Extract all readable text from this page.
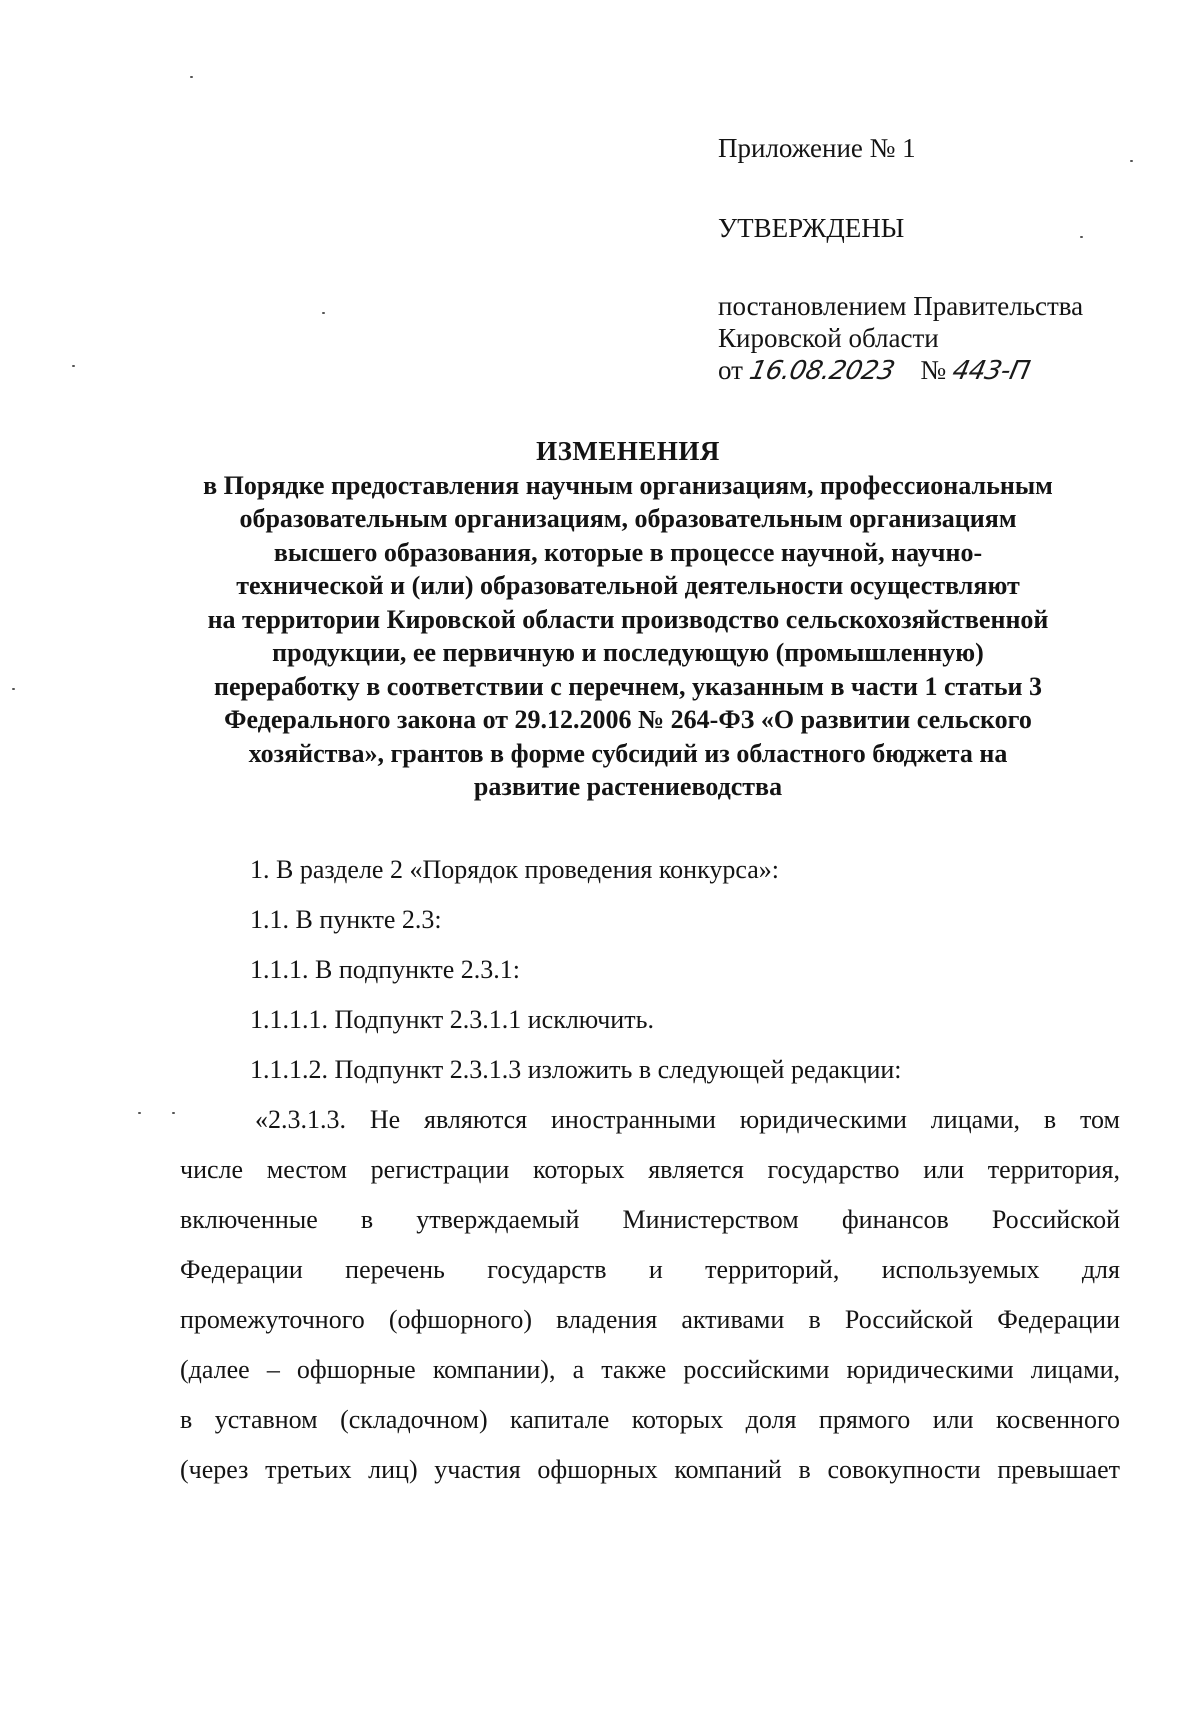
Приложение № 1
УТВЕРЖДЕНЫ
постановлением Правительства
Кировской области
от 16.08.2023 № 443-П
ИЗМЕНЕНИЯ
в Порядке предоставления научным организациям, профессиональным
образовательным организациям, образовательным организациям
высшего образования, которые в процессе научной, научно-
технической и (или) образовательной деятельности осуществляют
на территории Кировской области производство сельскохозяйственной
продукции, ее первичную и последующую (промышленную)
переработку в соответствии с перечнем, указанным в части 1 статьи 3
Федерального закона от 29.12.2006 № 264-ФЗ «О развитии сельского
хозяйства», грантов в форме субсидий из областного бюджета на
развитие растениеводства
1. В разделе 2 «Порядок проведения конкурса»:
1.1. В пункте 2.3:
1.1.1. В подпункте 2.3.1:
1.1.1.1. Подпункт 2.3.1.1 исключить.
1.1.1.2. Подпункт 2.3.1.3 изложить в следующей редакции:
«2.3.1.3. Не являются иностранными юридическими лицами, в том
числе местом регистрации которых является государство или территория,
включенные в утверждаемый Министерством финансов Российской
Федерации перечень государств и территорий, используемых для
промежуточного (офшорного) владения активами в Российской Федерации
(далее – офшорные компании), а также российскими юридическими лицами,
в уставном (складочном) капитале которых доля прямого или косвенного
(через третьих лиц) участия офшорных компаний в совокупности превышает
